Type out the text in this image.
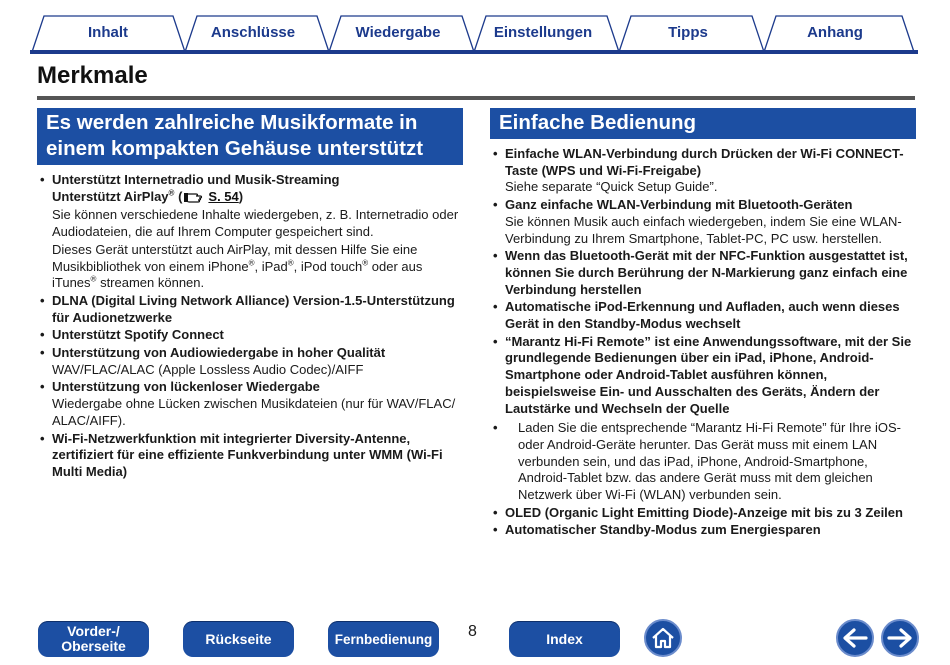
Inhalt	Anschlüsse	Wiedergabe	Einstellungen	Tipps	Anhang
Merkmale
Es werden zahlreiche Musikformate in
einem kompakten Gehäuse unterstützt
• Unterstützt Internetradio und Musik-Streaming
Unterstützt AirPlay® ( S. 54)
Sie können verschiedene Inhalte wiedergeben, z. B. Internetradio oder Audiodateien, die auf Ihrem Computer gespeichert sind.
Dieses Gerät unterstützt auch AirPlay, mit dessen Hilfe Sie eine Musikbibliothek von einem iPhone®, iPad®, iPod touch® oder aus iTunes® streamen können.
• DLNA (Digital Living Network Alliance) Version-1.5-Unterstützung für Audionetzwerke
• Unterstützt Spotify Connect
• Unterstützung von Audiowiedergabe in hoher Qualität
WAV/FLAC/ALAC (Apple Lossless Audio Codec)/AIFF
• Unterstützung von lückenloser Wiedergabe
Wiedergabe ohne Lücken zwischen Musikdateien (nur für WAV/FLAC/ ALAC/AIFF).
• Wi-Fi-Netzwerkfunktion mit integrierter Diversity-Antenne, zertifiziert für eine effiziente Funkverbindung unter WMM (Wi-Fi Multi Media)
Einfache Bedienung
• Einfache WLAN-Verbindung durch Drücken der Wi-Fi CONNECT-Taste (WPS und Wi-Fi-Freigabe)
Siehe separate “Quick Setup Guide”.
• Ganz einfache WLAN-Verbindung mit Bluetooth-Geräten
Sie können Musik auch einfach wiedergeben, indem Sie eine WLAN-Verbindung zu Ihrem Smartphone, Tablet-PC, PC usw. herstellen.
• Wenn das Bluetooth-Gerät mit der NFC-Funktion ausgestattet ist, können Sie durch Berührung der N-Markierung ganz einfach eine Verbindung herstellen
• Automatische iPod-Erkennung und Aufladen, auch wenn dieses Gerät in den Standby-Modus wechselt
• “Marantz Hi-Fi Remote” ist eine Anwendungssoftware, mit der Sie grundlegende Bedienungen über ein iPad, iPhone, Android-Smartphone oder Android-Tablet ausführen können, beispielsweise Ein- und Ausschalten des Geräts, Ändern der Lautstärke und Wechseln der Quelle
• Laden Sie die entsprechende “Marantz Hi-Fi Remote” für Ihre iOS- oder Android-Geräte herunter. Das Gerät muss mit einem LAN verbunden sein, und das iPad, iPhone, Android-Smartphone, Android-Tablet bzw. das andere Gerät muss mit dem gleichen Netzwerk über Wi-Fi (WLAN) verbunden sein.
• OLED (Organic Light Emitting Diode)-Anzeige mit bis zu 3 Zeilen
• Automatischer Standby-Modus zum Energiesparen
Vorder-/
Oberseite	Rückseite	Fernbedienung 8	Index
